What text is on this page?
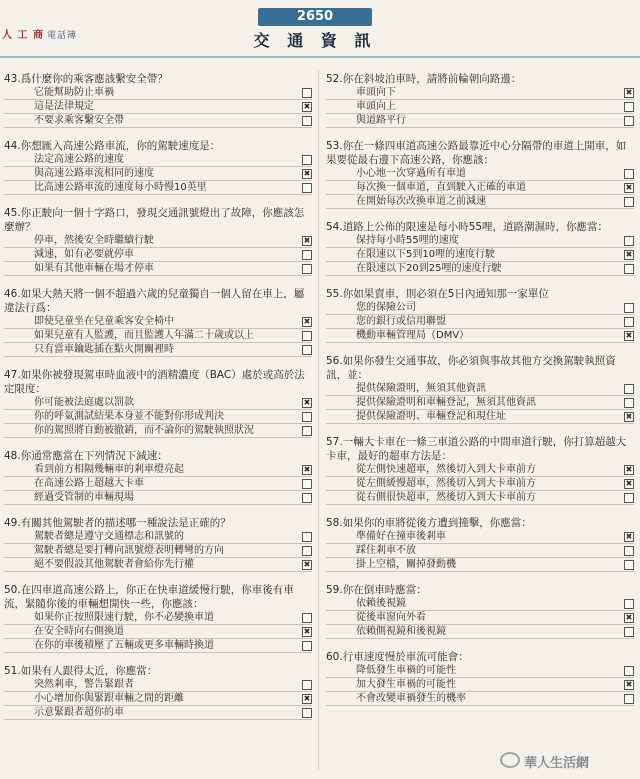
人 工 商 電話簿
2650
交 通 資 訊
43.爲什麼你的乘客應該繫安全帶？
它能幫助防止車禍
這是法律規定
✖
不要求乘客繫安全帶
44.你想匯入高速公路車流，你的駕駛速度是：
法定高速公路的速度
與高速公路車流相同的速度
✖
比高速公路車流的速度每小時慢10英里
45.你正駛向一個十字路口，發現交通訊號燈出了故障，你應該怎麼辦？
停車，然後安全時繼續行駛
✖
減速，如有必要就停車
如果有其他車輛在場才停車
46.如果大熱天將一個不超過六歲的兒童獨自一個人留在車上，屬違法行爲：
即使兒童坐在兒童乘客安全椅中
✖
如果兒童有人監護，而且監護人年滿二十歲或以上
只有當車鑰匙插在點火開關裡時
47.如果你被發現駕車時血液中的酒精濃度（BAC）處於或高於法定限度：
你可能被法庭處以罰款
✖
你的呼氣測試結果本身並不能對你形成判決
你的駕照將自動被撤銷，而不論你的駕駛執照狀況
48.你通常應當在下列情況下減速：
看到前方相隔幾輛車的剎車燈亮起
✖
在高速公路上超越大卡車
經過受管制的車輛現場
49.有關其他駕駛者的描述哪一種說法是正確的？
駕駛者總是遵守交通標志和訊號的
駕駛者總是要打轉向訊號燈表明轉彎的方向
絕不要假設其他駕駛者會給你先行權
✖
50.在四車道高速公路上，你正在快車道緩慢行駛，你車後有車流，緊隨你後的車輛想開快一些，你應該：
如果你正按照限速行駛，你不必變換車道
在安全時向右側換道
✖
在你的車後積壓了五輛或更多車輛時換道
51.如果有人跟得太近，你應當：
突然剎車，警告緊跟者
小心增加你與緊跟車輛之間的距離
✖
示意緊跟者超你的車
52.你在斜坡泊車時，請將前輪朝向路邊：
車頭向下
✖
車頭向上
與道路平行
53.你在一條四車道高速公路最靠近中心分隔帶的車道上開車，如果要從最右邊下高速公路，你應該：
小心地一次穿過所有車道
每次換一個車道，直到駛入正確的車道
✖
在開始每次改換車道之前減速
54.道路上公佈的限速是每小時55哩，道路潮濕時，你應當：
保持每小時55哩的速度
在限速以下5到10哩的速度行駛
✖
在限速以下20到25哩的速度行駛
55.你如果賣車，則必須在5日內通知那一家單位
您的保險公司
您的銀行或信用聯盟
機動車輛管理局（DMV）
✖
56.如果你發生交通事故，你必須與事故其他方交換駕駛執照資訊，並：
提供保險證明，無須其他資訊
提供保險證明和車輛登記，無須其他資訊
提供保險證明、車輛登記和現住址
✖
57.一輛大卡車在一條三車道公路的中間車道行駛，你打算超越大卡車，最好的超車方法是：
從左側快速超車，然後切入到大卡車前方
✖
從左側緩慢超車，然後切入到大卡車前方
✖
從右側很快超車，然後切入到大卡車前方
58.如果你的車將從後方遭到撞擊，你應當：
準備好在撞車後剎車
✖
踩住剎車不放
掛上空檔，關掉發動機
59.你在倒車時應當：
依賴後視鏡
從後車窗向外看
✖
依賴側視鏡和後視鏡
60.行車速度慢於車流可能會：
降低發生車禍的可能性
加大發生車禍的可能性
✖
不會改變車禍發生的機率
華人生活網
